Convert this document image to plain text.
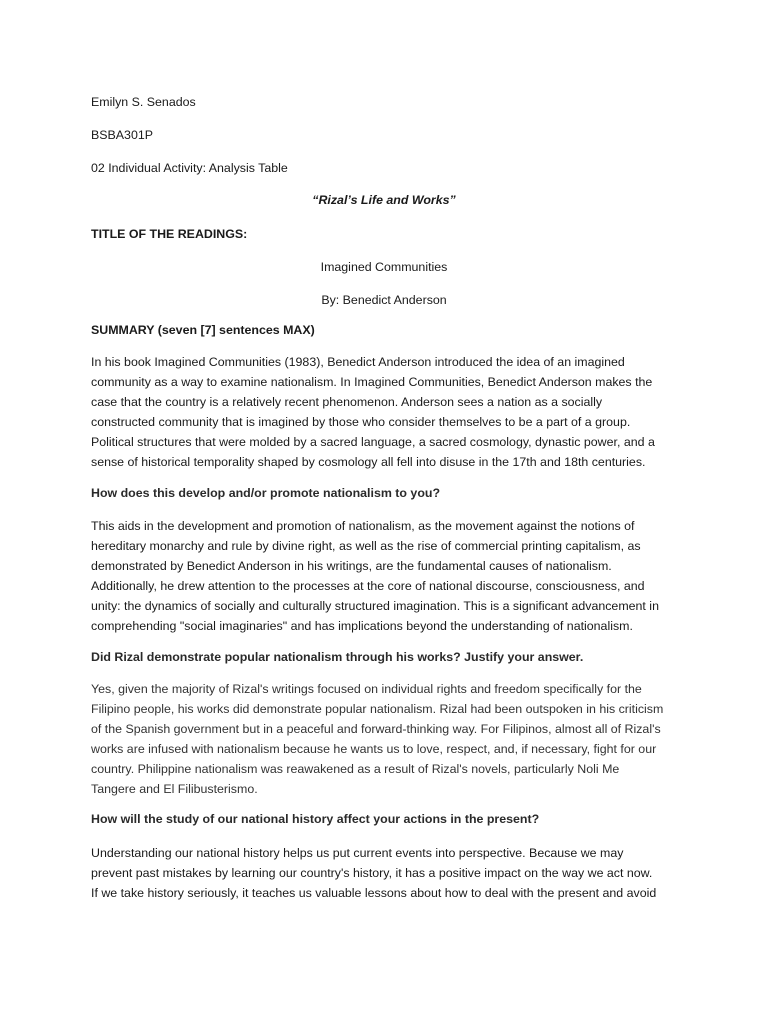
Emilyn S. Senados
BSBA301P
02 Individual Activity: Analysis Table
“Rizal’s Life and Works”
TITLE OF THE READINGS:
Imagined Communities
By: Benedict Anderson
SUMMARY (seven [7] sentences MAX)
In his book Imagined Communities (1983), Benedict Anderson introduced the idea of an imagined
community as a way to examine nationalism. In Imagined Communities, Benedict Anderson makes the
case that the country is a relatively recent phenomenon. Anderson sees a nation as a socially
constructed community that is imagined by those who consider themselves to be a part of a group.
Political structures that were molded by a sacred language, a sacred cosmology, dynastic power, and a
sense of historical temporality shaped by cosmology all fell into disuse in the 17th and 18th centuries.
How does this develop and/or promote nationalism to you?
This aids in the development and promotion of nationalism, as the movement against the notions of
hereditary monarchy and rule by divine right, as well as the rise of commercial printing capitalism, as
demonstrated by Benedict Anderson in his writings, are the fundamental causes of nationalism.
Additionally, he drew attention to the processes at the core of national discourse, consciousness, and
unity: the dynamics of socially and culturally structured imagination. This is a significant advancement in
comprehending "social imaginaries" and has implications beyond the understanding of nationalism.
Did Rizal demonstrate popular nationalism through his works? Justify your answer.
Yes, given the majority of Rizal's writings focused on individual rights and freedom specifically for the
Filipino people, his works did demonstrate popular nationalism. Rizal had been outspoken in his criticism
of the Spanish government but in a peaceful and forward-thinking way. For Filipinos, almost all of Rizal's
works are infused with nationalism because he wants us to love, respect, and, if necessary, fight for our
country. Philippine nationalism was reawakened as a result of Rizal's novels, particularly Noli Me
Tangere and El Filibusterismo.
How will the study of our national history affect your actions in the present?
Understanding our national history helps us put current events into perspective. Because we may
prevent past mistakes by learning our country's history, it has a positive impact on the way we act now.
If we take history seriously, it teaches us valuable lessons about how to deal with the present and avoid
